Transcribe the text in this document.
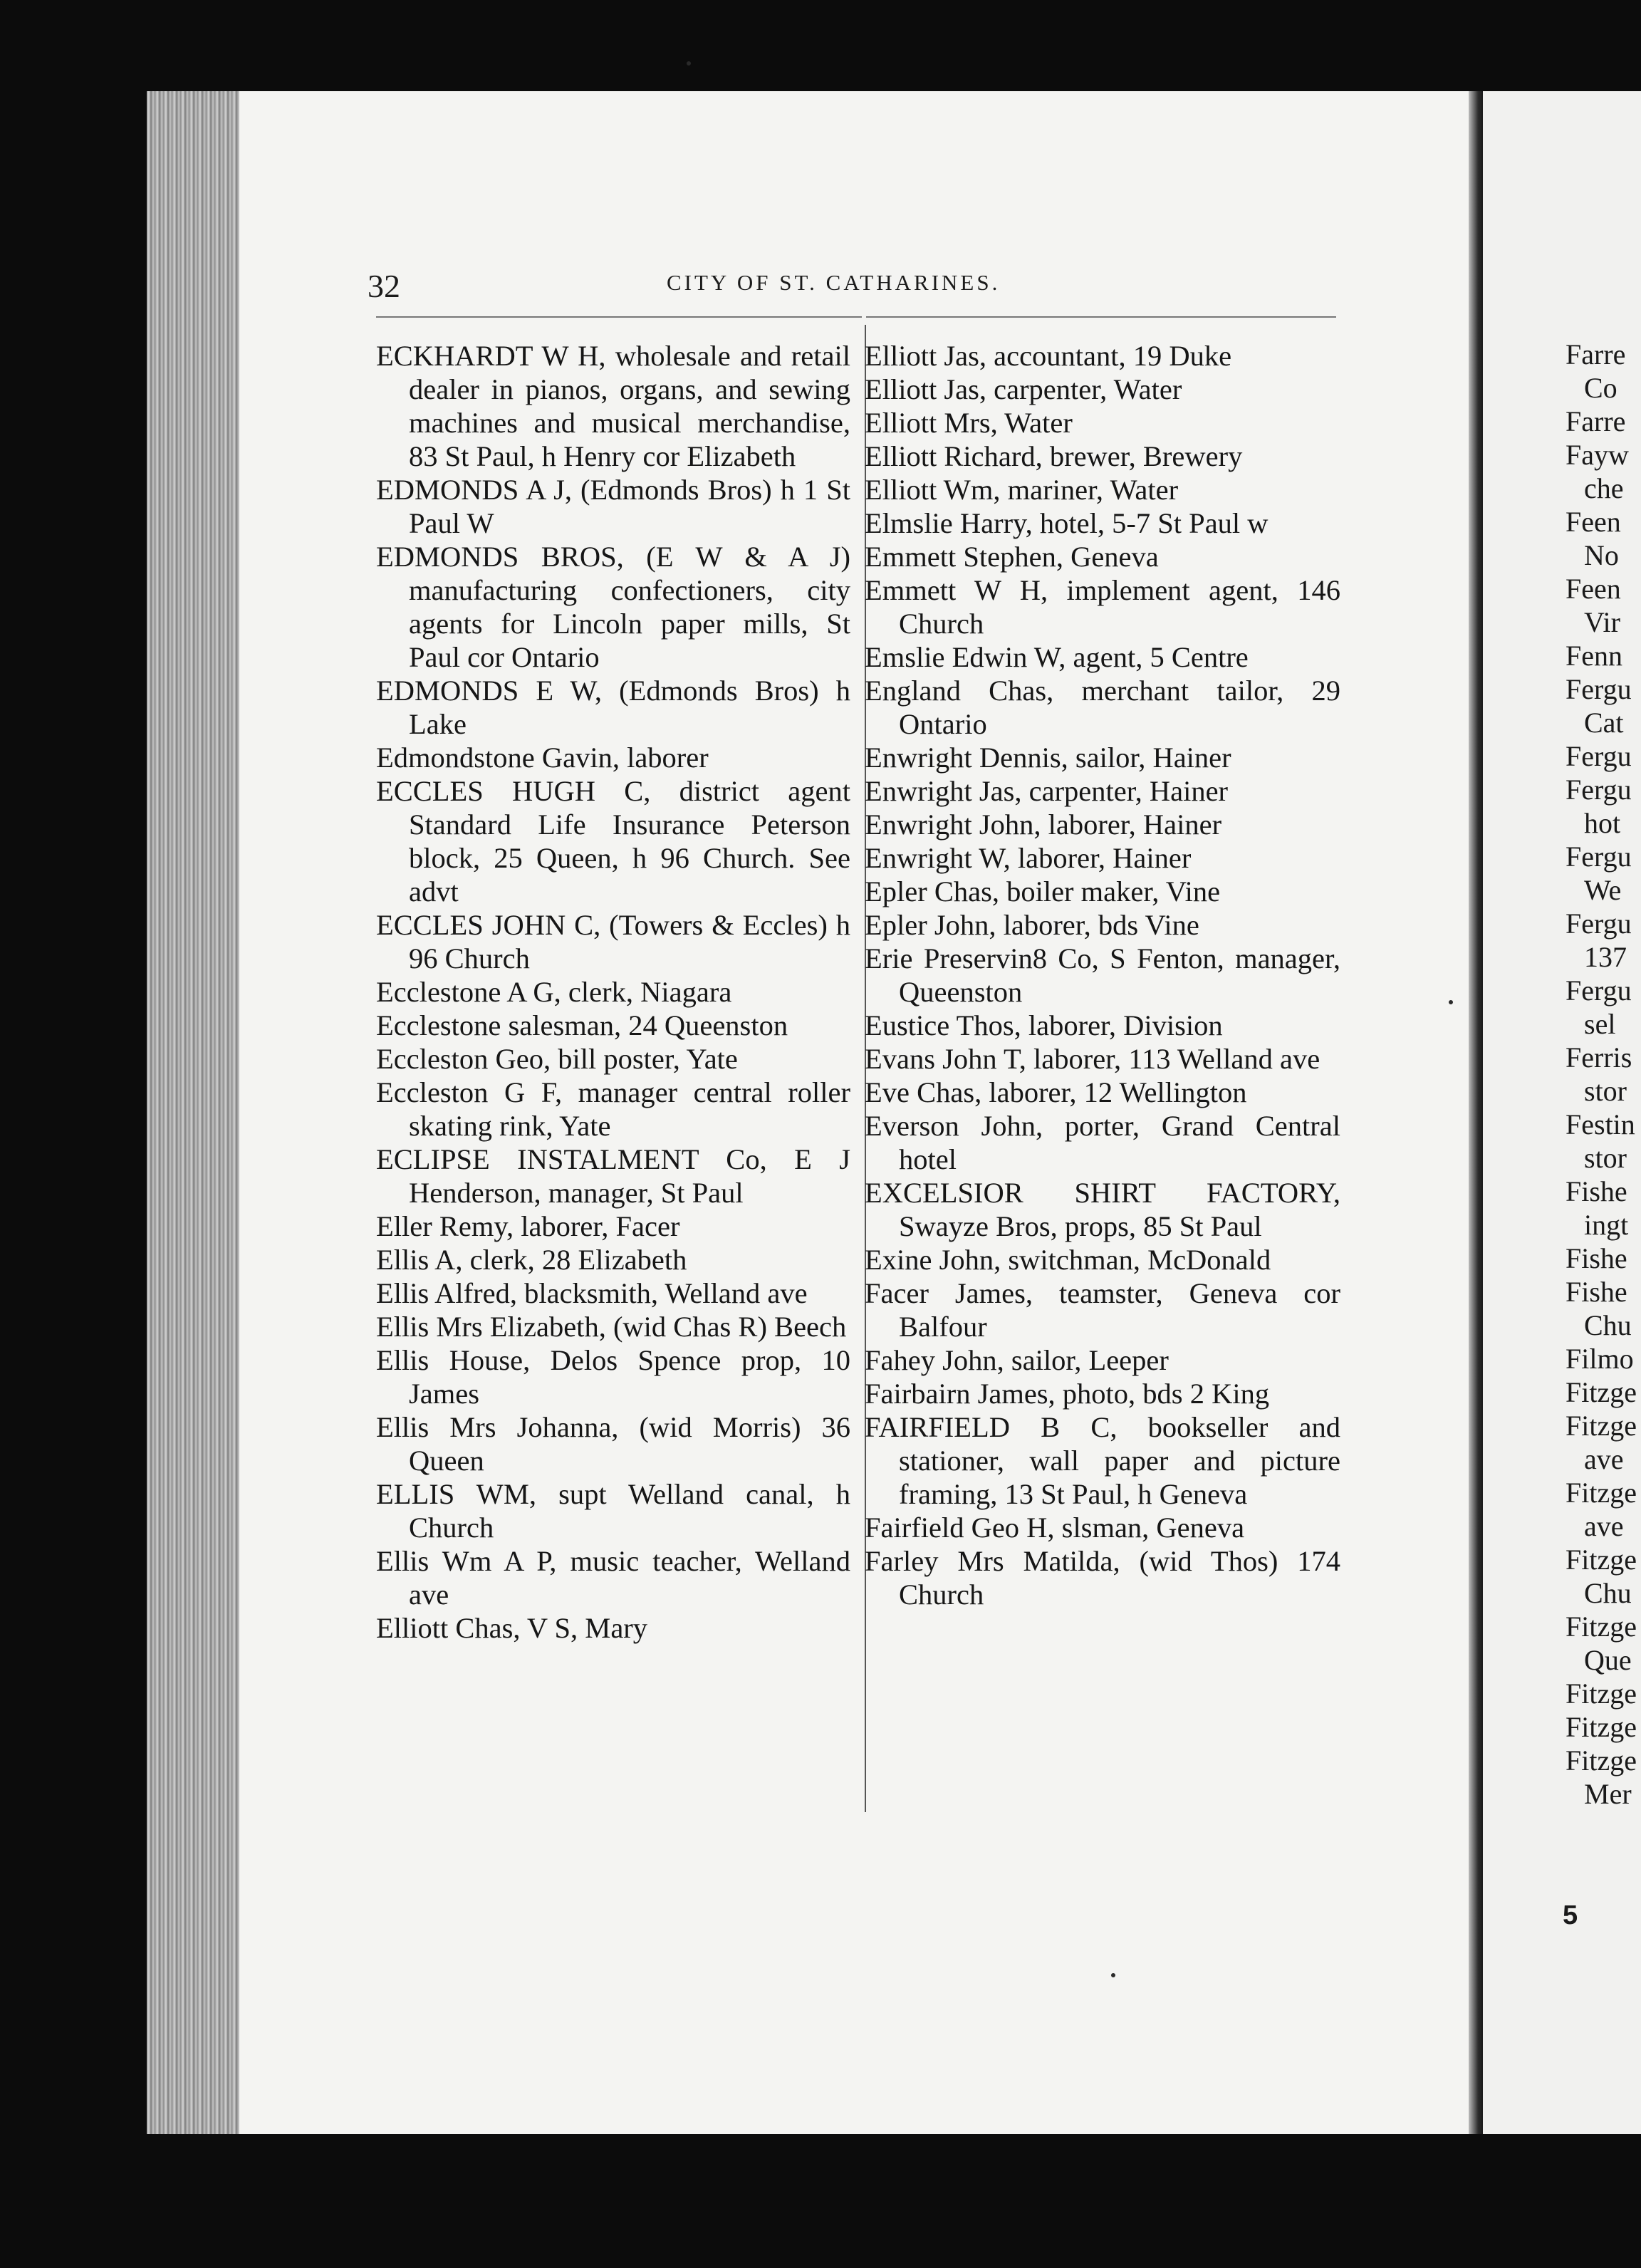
Farre
Co
Farre
Fayw
che
Feen
No
Feen
Vir
Fenn
Fergu
Cat
Fergu
Fergu
hot
Fergu
We
Fergu
137
Fergu
sel
Ferris
stor
Festin
stor
Fishe
ingt
Fishe
Fishe
Chu
Filmo
Fitzge
Fitzge
ave
Fitzge
ave
Fitzge
Chu
Fitzge
Que
Fitzge
Fitzge
Fitzge
Mer
5
32	CITY OF ST. CATHARINES.
ECKHARDT W H, wholesale and retail dealer in pianos, organs, and sewing machines and musical merchandise, 83 St Paul, h Henry cor Elizabeth
EDMONDS A J, (Edmonds Bros) h 1 St Paul W
EDMONDS BROS, (E W & A J) manufacturing confectioners, city agents for Lincoln paper mills, St Paul cor Ontario
EDMONDS E W, (Edmonds Bros) h Lake
Edmondstone Gavin, laborer
ECCLES HUGH C, district agent Standard Life Insurance Peterson block, 25 Queen, h 96 Church. See advt
ECCLES JOHN C, (Towers & Eccles) h 96 Church
Ecclestone A G, clerk, Niagara
Ecclestone salesman, 24 Queenston
Eccleston Geo, bill poster, Yate
Eccleston G F, manager central roller skating rink, Yate
ECLIPSE INSTALMENT Co, E J Henderson, manager, St Paul
Eller Remy, laborer, Facer
Ellis A, clerk, 28 Elizabeth
Ellis Alfred, blacksmith, Welland ave
Ellis Mrs Elizabeth, (wid Chas R) Beech
Ellis House, Delos Spence prop, 10 James
Ellis Mrs Johanna, (wid Morris) 36 Queen
ELLIS WM, supt Welland canal, h Church
Ellis Wm A P, music teacher, Welland ave
Elliott Chas, V S, Mary
Elliott Jas, accountant, 19 Duke
Elliott Jas, carpenter, Water
Elliott Mrs, Water
Elliott Richard, brewer, Brewery
Elliott Wm, mariner, Water
Elmslie Harry, hotel, 5-7 St Paul w
Emmett Stephen, Geneva
Emmett W H, implement agent, 146 Church
Emslie Edwin W, agent, 5 Centre
England Chas, merchant tailor, 29 Ontario
Enwright Dennis, sailor, Hainer
Enwright Jas, carpenter, Hainer
Enwright John, laborer, Hainer
Enwright W, laborer, Hainer
Epler Chas, boiler maker, Vine
Epler John, laborer, bds Vine
Erie Preservin8 Co, S Fenton, manager, Queenston
Eustice Thos, laborer, Division
Evans John T, laborer, 113 Welland ave
Eve Chas, laborer, 12 Wellington
Everson John, porter, Grand Central hotel
EXCELSIOR SHIRT FACTORY, Swayze Bros, props, 85 St Paul
Exine John, switchman, McDonald
Facer James, teamster, Geneva cor Balfour
Fahey John, sailor, Leeper
Fairbairn James, photo, bds 2 King
FAIRFIELD B C, bookseller and stationer, wall paper and picture framing, 13 St Paul, h Geneva
Fairfield Geo H, slsman, Geneva
Farley Mrs Matilda, (wid Thos) 174 Church
